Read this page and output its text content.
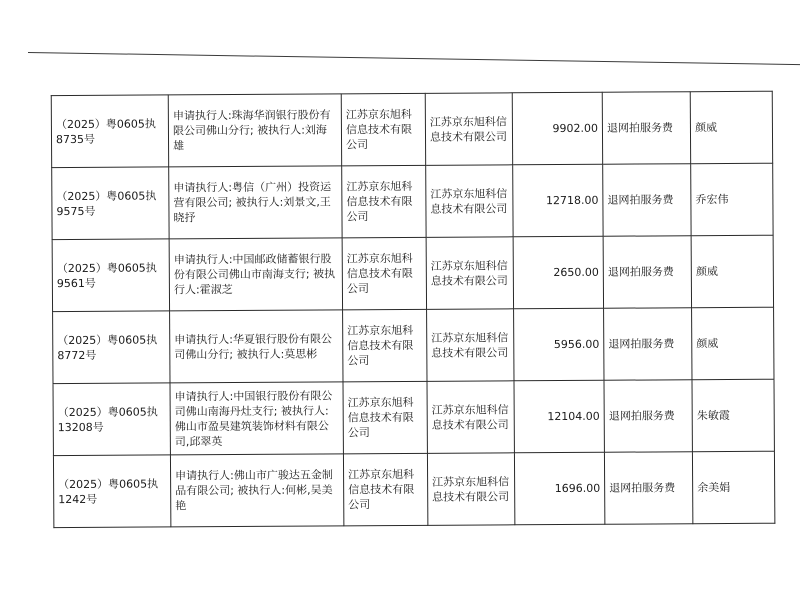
（2025）粤0605执8735号	申请执行人:珠海华润银行股份有限公司佛山分行; 被执行人:刘海雄	江苏京东旭科信息技术有限公司	江苏京东旭科信息技术有限公司	9902.00	退网拍服务费	颜威

（2025）粤0605执9575号	申请执行人:粤信（广州）投资运营有限公司; 被执行人:刘景文,王晓抒	江苏京东旭科信息技术有限公司	江苏京东旭科信息技术有限公司	12718.00	退网拍服务费	乔宏伟

（2025）粤0605执9561号	申请执行人:中国邮政储蓄银行股份有限公司佛山市南海支行; 被执行人:霍淑芝	江苏京东旭科信息技术有限公司	江苏京东旭科信息技术有限公司	2650.00	退网拍服务费	颜威

（2025）粤0605执8772号	申请执行人:华夏银行股份有限公司佛山分行; 被执行人:莫思彬	江苏京东旭科信息技术有限公司	江苏京东旭科信息技术有限公司	5956.00	退网拍服务费	颜威

（2025）粤0605执13208号	申请执行人:中国银行股份有限公司佛山南海丹灶支行; 被执行人:佛山市盈昊建筑装饰材料有限公司,邱翠英	江苏京东旭科信息技术有限公司	江苏京东旭科信息技术有限公司	12104.00	退网拍服务费	朱敏霞

（2025）粤0605执1242号	申请执行人:佛山市广骏达五金制品有限公司; 被执行人:何彬,吴美艳	江苏京东旭科信息技术有限公司	江苏京东旭科信息技术有限公司	1696.00	退网拍服务费	余美娟
